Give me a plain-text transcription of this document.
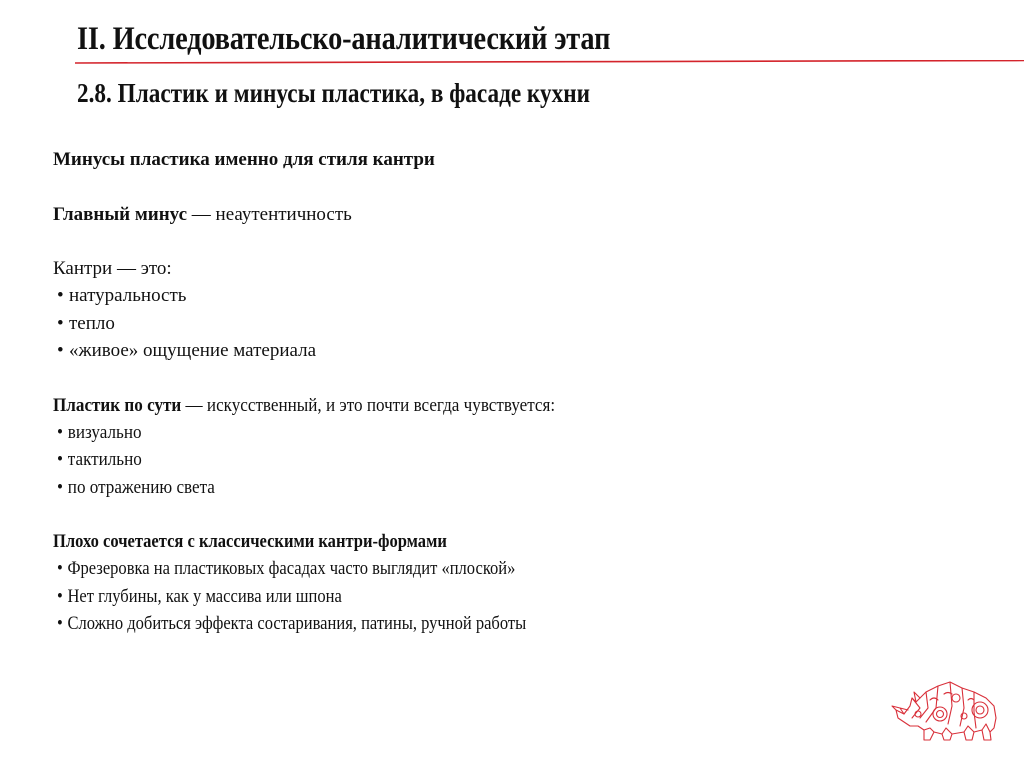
II. Исследовательско-аналитический этап
2.8. Пластик и минусы пластика, в фасаде кухни
Минусы пластика именно для стиля кантри
Главный минус — неаутентичность
Кантри — это:
• натуральность
• тепло
• «живое» ощущение материала
Пластик по сути — искусственный, и это почти всегда чувствуется:
• визуально
• тактильно
• по отражению света
Плохо сочетается с классическими кантри-формами
• Фрезеровка на пластиковых фасадах часто выглядит «плоской»
• Нет глубины, как у массива или шпона
• Сложно добиться эффекта состаривания, патины, ручной работы
